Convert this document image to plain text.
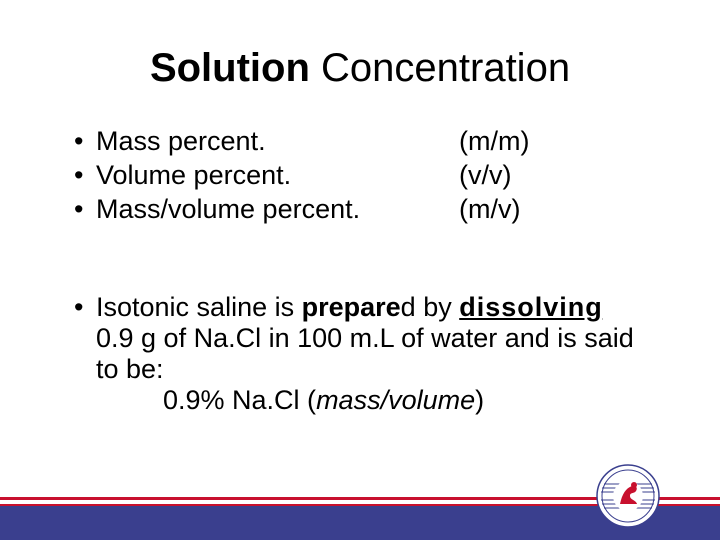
Solution Concentration
• Mass percent.	(m/m)
• Volume percent.	(v/v)
• Mass/volume percent.	(m/v)
• Isotonic saline is prepared by dissolving 0.9 g of Na.Cl in 100 m.L of water and is said to be:
0.9% Na.Cl (mass/volume)
